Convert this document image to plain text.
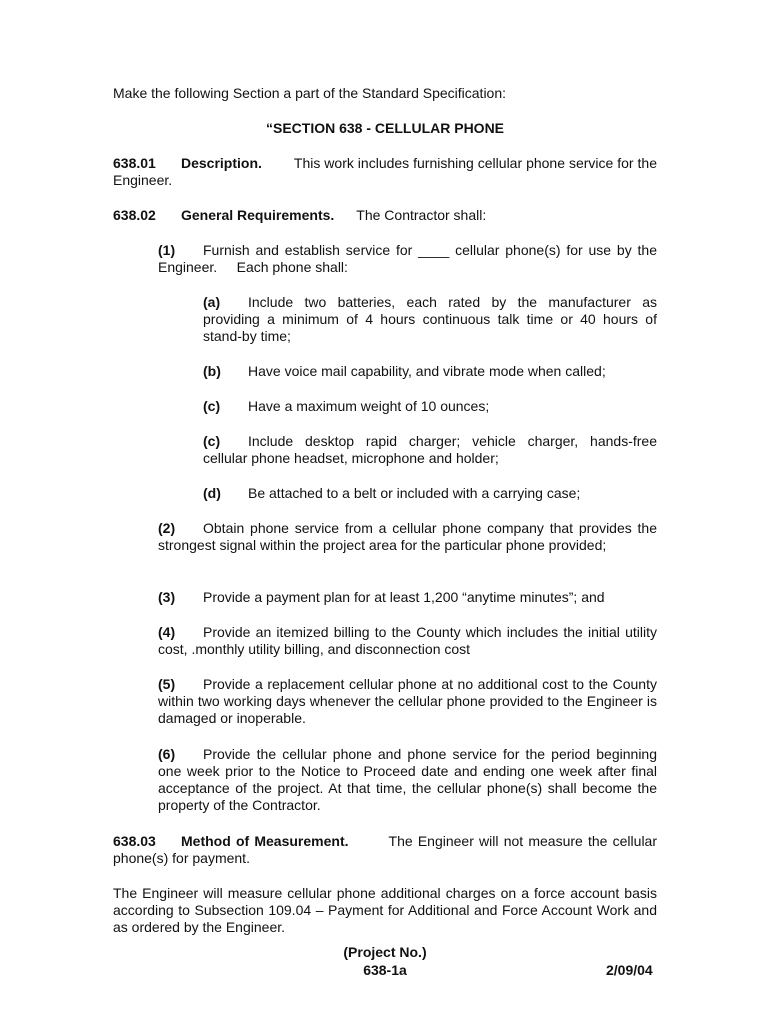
Make the following Section a part of the Standard Specification:
“SECTION 638 - CELLULAR PHONE
638.01 Description. This work includes furnishing cellular phone service for the Engineer.
638.02 General Requirements. The Contractor shall:
(1) Furnish and establish service for ____ cellular phone(s) for use by the Engineer. Each phone shall:
(a) Include two batteries, each rated by the manufacturer as providing a minimum of 4 hours continuous talk time or 40 hours of stand-by time;
(b) Have voice mail capability, and vibrate mode when called;
(c) Have a maximum weight of 10 ounces;
(c) Include desktop rapid charger; vehicle charger, hands-free cellular phone headset, microphone and holder;
(d) Be attached to a belt or included with a carrying case;
(2) Obtain phone service from a cellular phone company that provides the strongest signal within the project area for the particular phone provided;
(3) Provide a payment plan for at least 1,200 “anytime minutes”; and
(4) Provide an itemized billing to the County which includes the initial utility cost, .monthly utility billing, and disconnection cost
(5) Provide a replacement cellular phone at no additional cost to the County within two working days whenever the cellular phone provided to the Engineer is damaged or inoperable.
(6) Provide the cellular phone and phone service for the period beginning one week prior to the Notice to Proceed date and ending one week after final acceptance of the project. At that time, the cellular phone(s) shall become the property of the Contractor.
638.03 Method of Measurement.	The Engineer will not measure the cellular phone(s) for payment.
The Engineer will measure cellular phone additional charges on a force account basis according to Subsection 109.04 – Payment for Additional and Force Account Work and as ordered by the Engineer.
(Project No.)
638-1a	2/09/04
